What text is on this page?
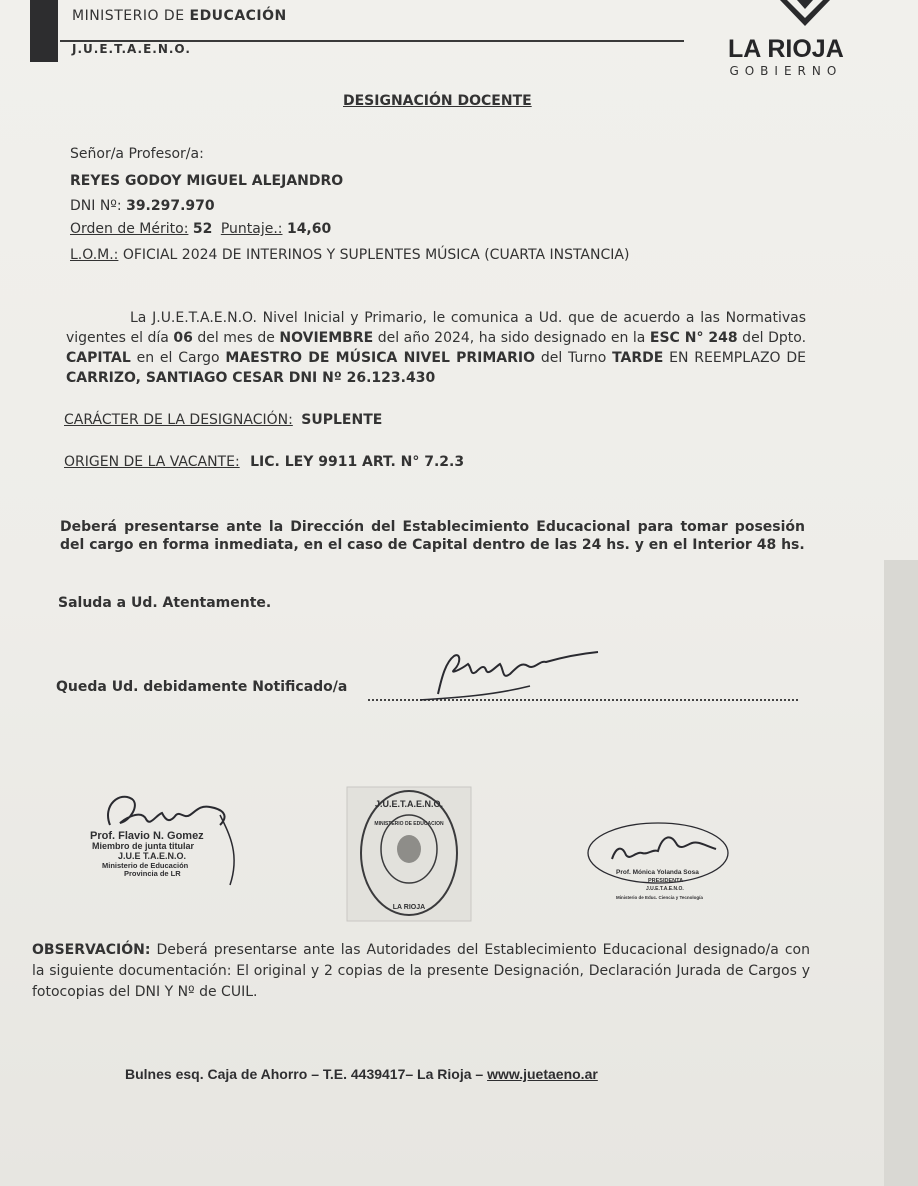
MINISTERIO DE EDUCACIÓN
J.U.E.T.A.E.N.O.	LA RIOJA
GOBIERNO
DESIGNACIÓN DOCENTE
Señor/a Profesor/a:
REYES GODOY MIGUEL ALEJANDRO
DNI Nº: 39.297.970
Orden de Mérito: 52 Puntaje.: 14,60
L.O.M.: OFICIAL 2024 DE INTERINOS Y SUPLENTES MÚSICA (CUARTA INSTANCIA)
La J.U.E.T.A.E.N.O. Nivel Inicial y Primario, le comunica a Ud. que de acuerdo a las Normativas vigentes el día 06 del mes de NOVIEMBRE del año 2024, ha sido designado en la ESC N° 248 del Dpto. CAPITAL en el Cargo MAESTRO DE MÚSICA NIVEL PRIMARIO del Turno TARDE EN REEMPLAZO DE CARRIZO, SANTIAGO CESAR DNI Nº 26.123.430
CARÁCTER DE LA DESIGNACIÓN: SUPLENTE
ORIGEN DE LA VACANTE: LIC. LEY 9911 ART. N° 7.2.3
Deberá presentarse ante la Dirección del Establecimiento Educacional para tomar posesión del cargo en forma inmediata, en el caso de Capital dentro de las 24 hs. y en el Interior 48 hs.
Saluda a Ud. Atentamente.
Queda Ud. debidamente Notificado/a
Prof. Flavio N. Gomez
Miembro de junta titular
J.U.E T.A.E.N.O.
Ministerio de Educación
Provincia de LR
J.U.E.T.A.E.N.O.
MINISTERIO DE EDUCACION
LA RIOJA
Prof. Mónica Yolanda Sosa
PRESIDENTA
J.U.E.T.A.E.N.O.
Ministerio de Educ. Ciencia y Tecnología
OBSERVACIÓN: Deberá presentarse ante las Autoridades del Establecimiento Educacional designado/a con la siguiente documentación: El original y 2 copias de la presente Designación, Declaración Jurada de Cargos y fotocopias del DNI Y Nº de CUIL.
Bulnes esq. Caja de Ahorro – T.E. 4439417– La Rioja – www.juetaeno.ar
